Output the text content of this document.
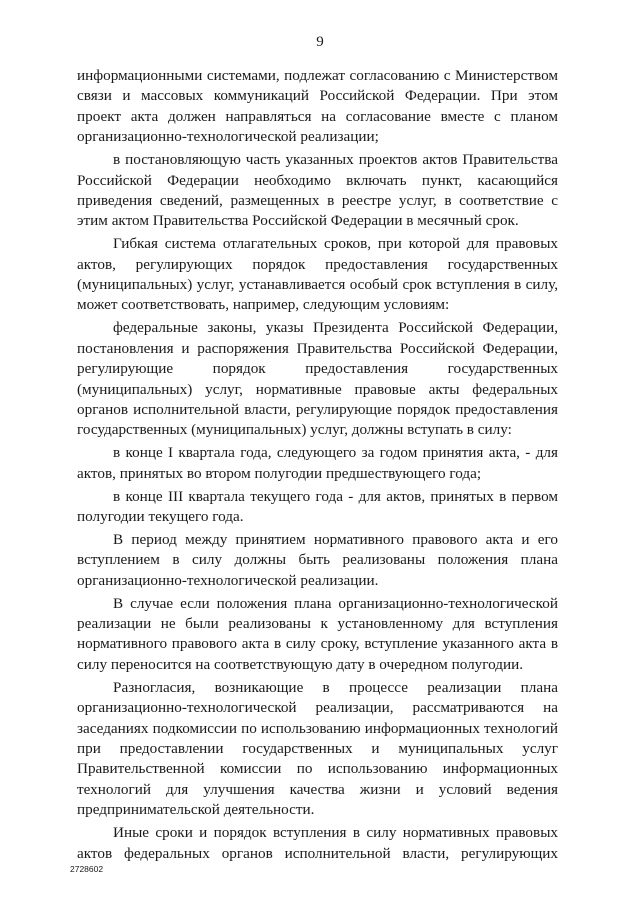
9

информационными системами, подлежат согласованию с Министерством связи и массовых коммуникаций Российской Федерации. При этом проект акта должен направляться на согласование вместе с планом организационно-технологической реализации;

в постановляющую часть указанных проектов актов Правительства Российской Федерации необходимо включать пункт, касающийся приведения сведений, размещенных в реестре услуг, в соответствие с этим актом Правительства Российской Федерации в месячный срок.

Гибкая система отлагательных сроков, при которой для правовых актов, регулирующих порядок предоставления государственных (муниципальных) услуг, устанавливается особый срок вступления в силу, может соответствовать, например, следующим условиям:

федеральные законы, указы Президента Российской Федерации, постановления и распоряжения Правительства Российской Федерации, регулирующие порядок предоставления государственных (муниципальных) услуг, нормативные правовые акты федеральных органов исполнительной власти, регулирующие порядок предоставления государственных (муниципальных) услуг, должны вступать в силу:

в конце I квартала года, следующего за годом принятия акта, - для актов, принятых во втором полугодии предшествующего года;

в конце III квартала текущего года - для актов, принятых в первом полугодии текущего года.

В период между принятием нормативного правового акта и его вступлением в силу должны быть реализованы положения плана организационно-технологической реализации.

В случае если положения плана организационно-технологической реализации не были реализованы к установленному для вступления нормативного правового акта в силу сроку, вступление указанного акта в силу переносится на соответствующую дату в очередном полугодии.

Разногласия, возникающие в процессе реализации плана организационно-технологической реализации, рассматриваются на заседаниях подкомиссии по использованию информационных технологий при предоставлении государственных и муниципальных услуг Правительственной комиссии по использованию информационных технологий для улучшения качества жизни и условий ведения предпринимательской деятельности.

Иные сроки и порядок вступления в силу нормативных правовых актов федеральных органов исполнительной власти, регулирующих

2728602
